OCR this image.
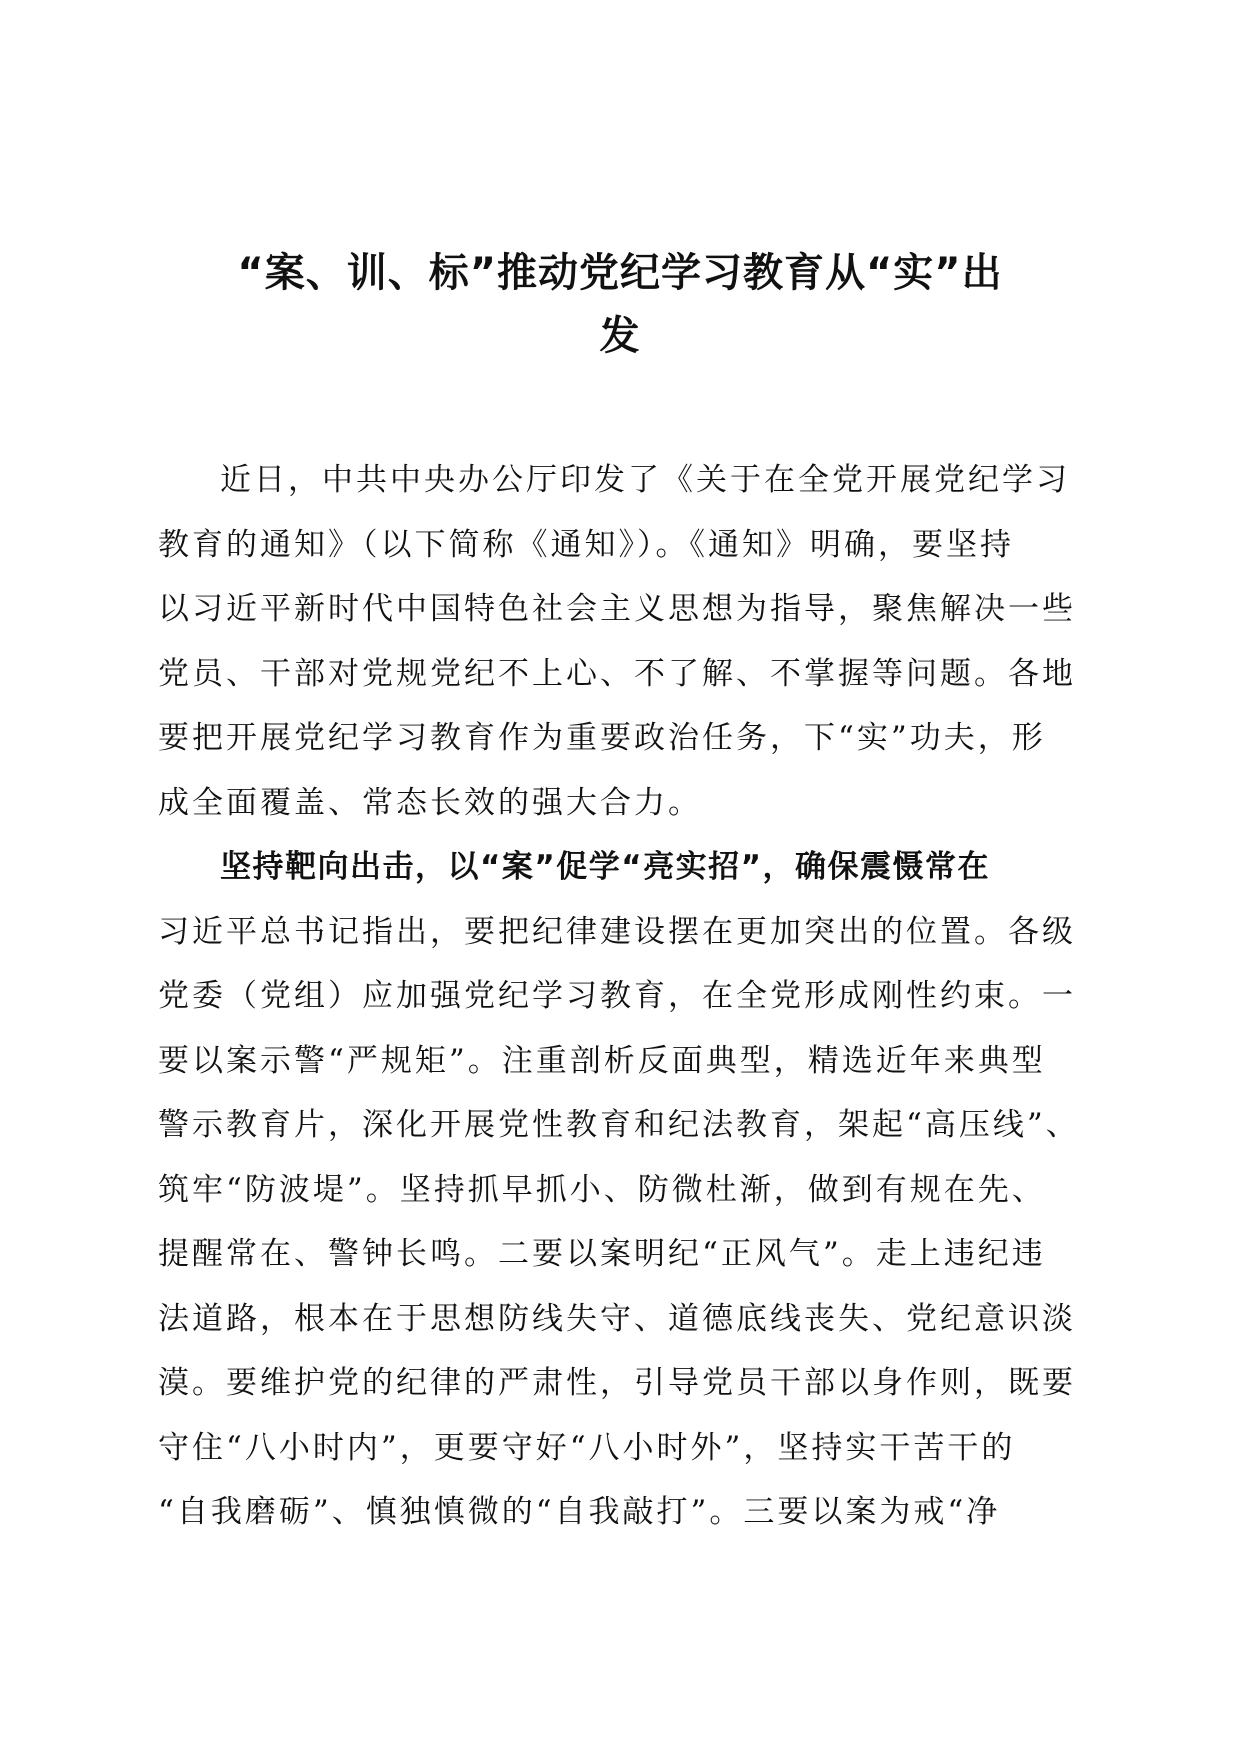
“案、训、标”推动党纪学习教育从“实”出
发
近日，中共中央办公厅印发了《关于在全党开展党纪学习
教育的通知》（以下简称《通知》）。《通知》明确，要坚持
以习近平新时代中国特色社会主义思想为指导，聚焦解决一些
党员、干部对党规党纪不上心、不了解、不掌握等问题。各地
要把开展党纪学习教育作为重要政治任务，下“实”功夫，形
成全面覆盖、常态长效的强大合力。
坚持靶向出击，以“案”促学“亮实招”，确保震慑常在
习近平总书记指出，要把纪律建设摆在更加突出的位置。各级
党委（党组）应加强党纪学习教育，在全党形成刚性约束。一
要以案示警“严规矩”。注重剖析反面典型，精选近年来典型
警示教育片，深化开展党性教育和纪法教育，架起“高压线”、
筑牢“防波堤”。坚持抓早抓小、防微杜渐，做到有规在先、
提醒常在、警钟长鸣。二要以案明纪“正风气”。走上违纪违
法道路，根本在于思想防线失守、道德底线丧失、党纪意识淡
漠。要维护党的纪律的严肃性，引导党员干部以身作则，既要
守住“八小时内”，更要守好“八小时外”，坚持实干苦干的
“自我磨砺”、慎独慎微的“自我敲打”。三要以案为戒“净
